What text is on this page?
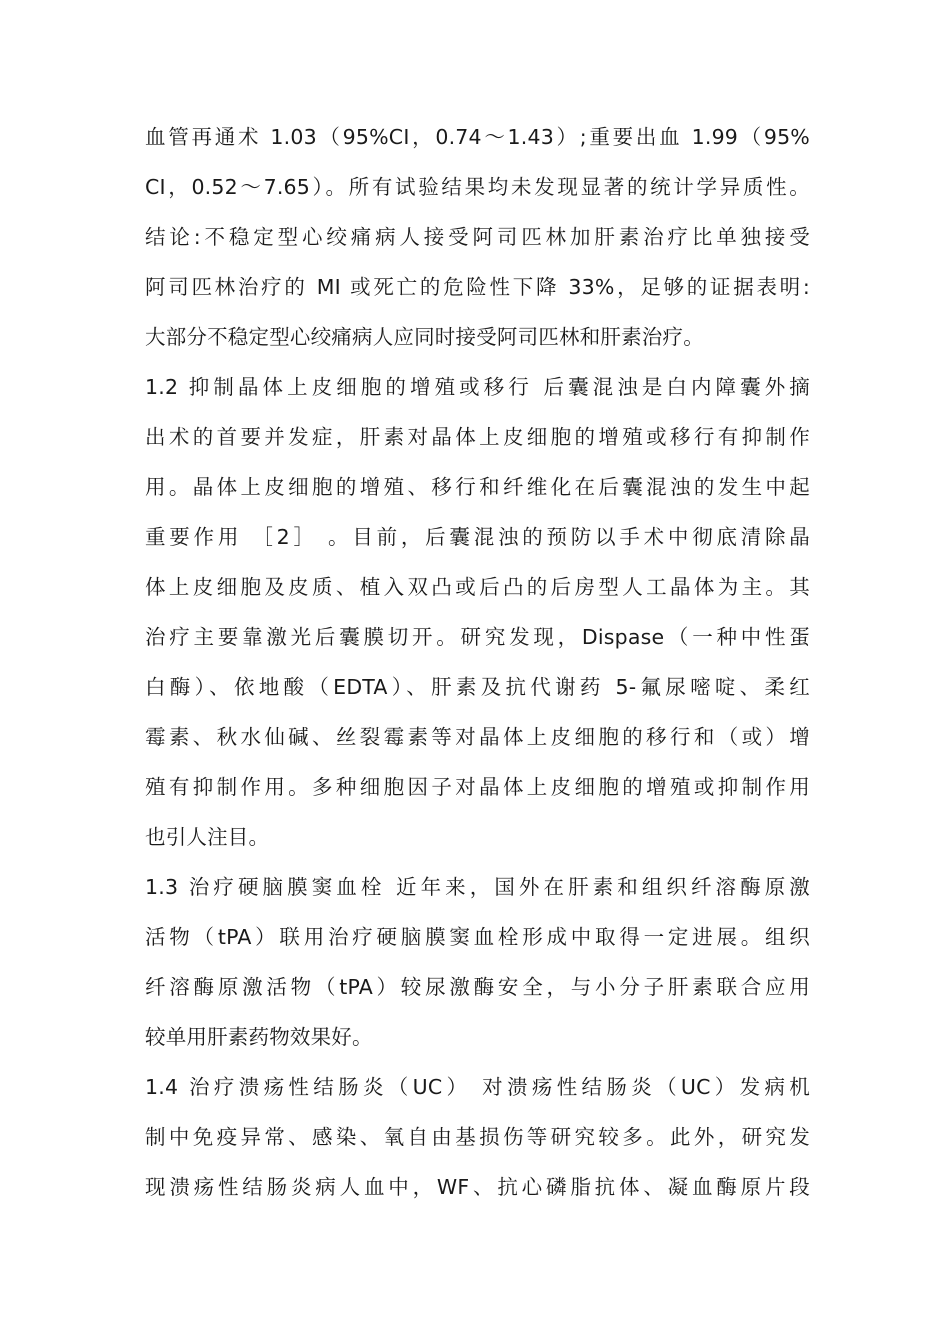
血管再通术 1.03（95%CI，0.74～1.43）;重要出血 1.99（95%
CI，0.52～7.65）。所有试验结果均未发现显著的统计学异质性。
结论:不稳定型心绞痛病人接受阿司匹林加肝素治疗比单独接受
阿司匹林治疗的 MI 或死亡的危险性下降 33%，足够的证据表明:
大部分不稳定型心绞痛病人应同时接受阿司匹林和肝素治疗。
1.2 抑制晶体上皮细胞的增殖或移行 后囊混浊是白内障囊外摘
出术的首要并发症，肝素对晶体上皮细胞的增殖或移行有抑制作
用。晶体上皮细胞的增殖、移行和纤维化在后囊混浊的发生中起
重要作用 ［2］ 。目前，后囊混浊的预防以手术中彻底清除晶
体上皮细胞及皮质、植入双凸或后凸的后房型人工晶体为主。其
治疗主要靠激光后囊膜切开。研究发现，Dispase（一种中性蛋
白酶）、依地酸（EDTA）、肝素及抗代谢药 5-氟尿嘧啶、柔红
霉素、秋水仙碱、丝裂霉素等对晶体上皮细胞的移行和（或）增
殖有抑制作用。多种细胞因子对晶体上皮细胞的增殖或抑制作用
也引人注目。
1.3 治疗硬脑膜窦血栓 近年来，国外在肝素和组织纤溶酶原激
活物（tPA）联用治疗硬脑膜窦血栓形成中取得一定进展。组织
纤溶酶原激活物（tPA）较尿激酶安全，与小分子肝素联合应用
较单用肝素药物效果好。
1.4 治疗溃疡性结肠炎（UC） 对溃疡性结肠炎（UC）发病机
制中免疫异常、感染、氧自由基损伤等研究较多。此外，研究发
现溃疡性结肠炎病人血中，WF、抗心磷脂抗体、凝血酶原片段
